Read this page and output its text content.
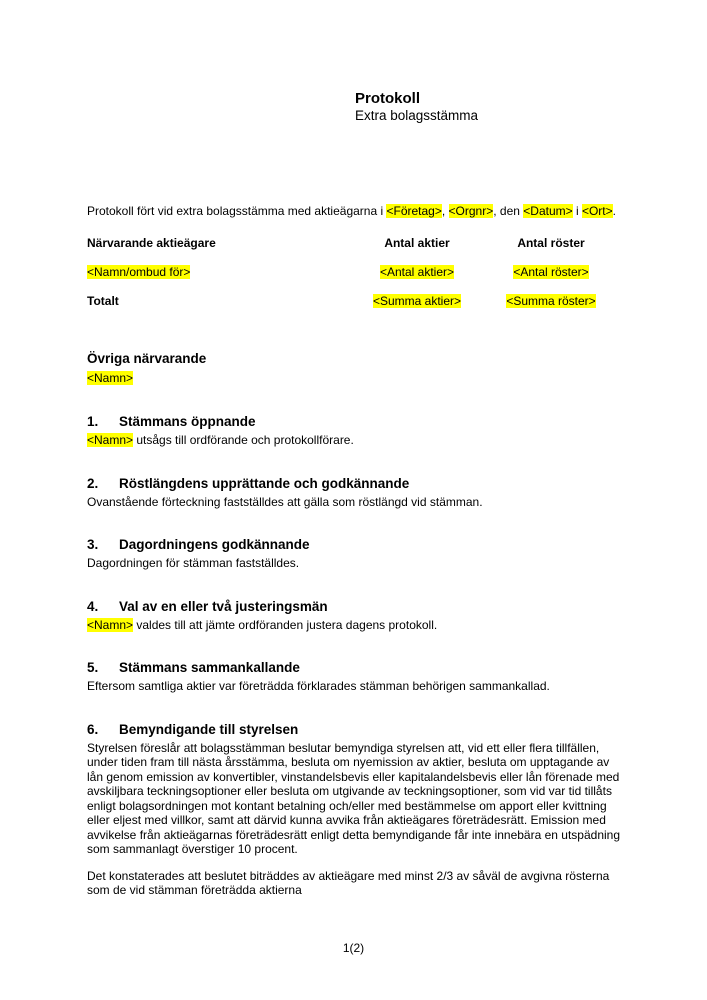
Protokoll
Extra bolagsstämma

Protokoll fört vid extra bolagsstämma med aktieägarna i <Företag>, <Orgnr>, den <Datum> i <Ort>.

Närvarande aktieägare	Antal aktier	Antal röster
<Namn/ombud för>	<Antal aktier>	<Antal röster>
Totalt	<Summa aktier>	<Summa röster>
Övriga närvarande
<Namn>
1. Stämmans öppnande

<Namn> utsågs till ordförande och protokollförare.

2. Röstlängdens upprättande och godkännande

Ovanstående förteckning fastställdes att gälla som röstlängd vid stämman.

3. Dagordningens godkännande

Dagordningen för stämman fastställdes.

4. Val av en eller två justeringsmän

<Namn> valdes till att jämte ordföranden justera dagens protokoll.

5. Stämmans sammankallande

Eftersom samtliga aktier var företrädda förklarades stämman behörigen sammankallad.

6. Bemyndigande till styrelsen

Styrelsen föreslår att bolagsstämman beslutar bemyndiga styrelsen att, vid ett eller flera tillfällen, under tiden fram till nästa årsstämma, besluta om nyemission av aktier, besluta om upptagande av lån genom emission av konvertibler, vinstandelsbevis eller kapitalandelsbevis eller lån förenade med avskiljbara teckningsoptioner eller besluta om utgivande av teckningsoptioner, som vid var tid tillåts enligt bolagsordningen mot kontant betalning och/eller med bestämmelse om apport eller kvittning eller eljest med villkor, samt att därvid kunna avvika från aktieägares företrädesrätt. Emission med avvikelse från aktieägarnas företrädesrätt enligt detta bemyndigande får inte innebära en utspädning som sammanlagt överstiger 10 procent.

Det konstaterades att beslutet biträddes av aktieägare med minst 2/3 av såväl de avgivna rösterna som de vid stämman företrädda aktierna

1(2)
